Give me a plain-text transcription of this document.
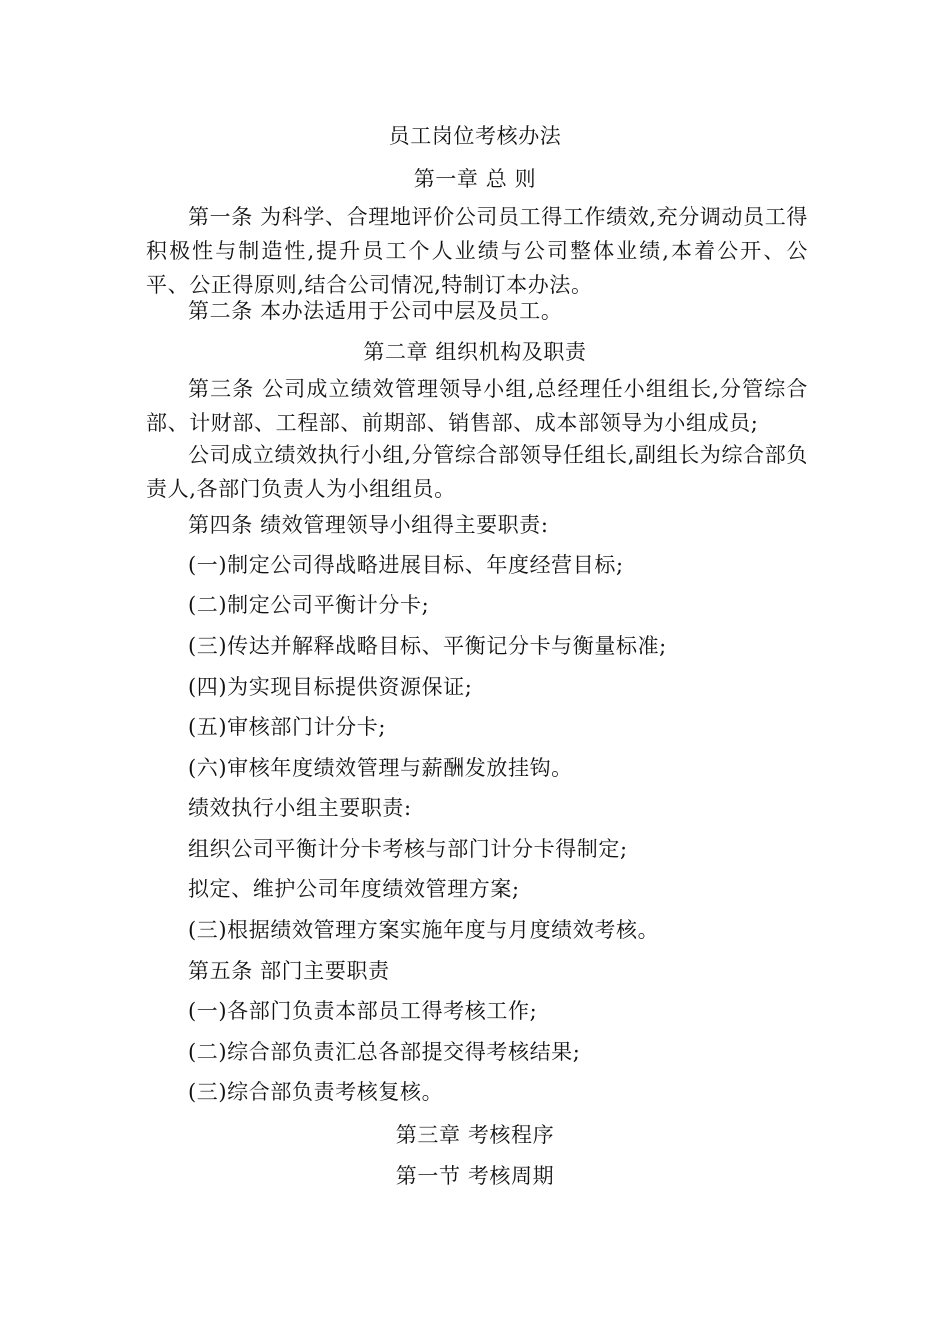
员工岗位考核办法
第一章 总 则
第一条 为科学、合理地评价公司员工得工作绩效,充分调动员工得积极性与制造性,提升员工个人业绩与公司整体业绩,本着公开、公平、公正得原则,结合公司情况,特制订本办法。
第二条 本办法适用于公司中层及员工。
第二章 组织机构及职责
第三条 公司成立绩效管理领导小组,总经理任小组组长,分管综合部、计财部、工程部、前期部、销售部、成本部领导为小组成员;
公司成立绩效执行小组,分管综合部领导任组长,副组长为综合部负责人,各部门负责人为小组组员。
第四条 绩效管理领导小组得主要职责:
(一)制定公司得战略进展目标、年度经营目标;
(二)制定公司平衡计分卡;
(三)传达并解释战略目标、平衡记分卡与衡量标准;
(四)为实现目标提供资源保证;
(五)审核部门计分卡;
(六)审核年度绩效管理与薪酬发放挂钩。
绩效执行小组主要职责:
组织公司平衡计分卡考核与部门计分卡得制定;
拟定、维护公司年度绩效管理方案;
(三)根据绩效管理方案实施年度与月度绩效考核。
第五条 部门主要职责
(一)各部门负责本部员工得考核工作;
(二)综合部负责汇总各部提交得考核结果;
(三)综合部负责考核复核。
第三章 考核程序
第一节 考核周期
